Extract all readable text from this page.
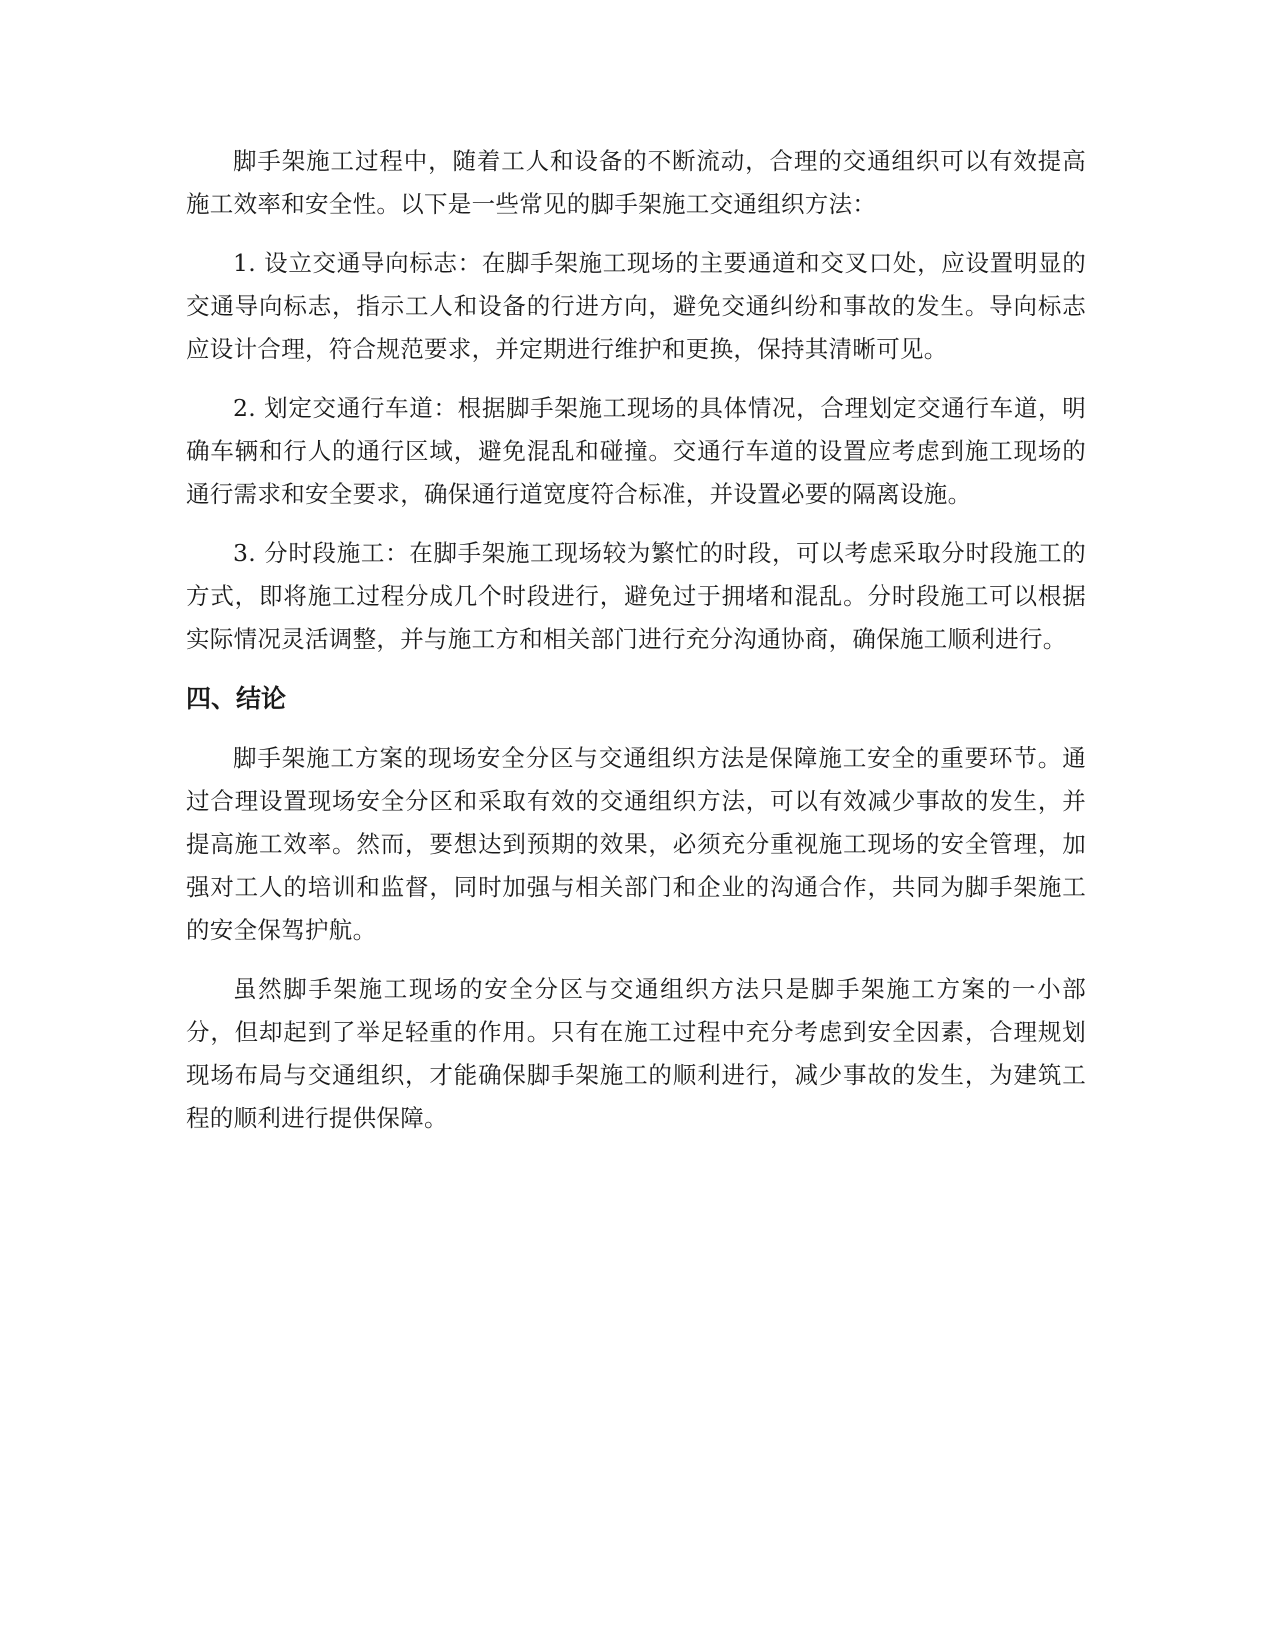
脚手架施工过程中，随着工人和设备的不断流动，合理的交通组织可以有效提高施工效率和安全性。以下是一些常见的脚手架施工交通组织方法：

1. 设立交通导向标志：在脚手架施工现场的主要通道和交叉口处，应设置明显的交通导向标志，指示工人和设备的行进方向，避免交通纠纷和事故的发生。导向标志应设计合理，符合规范要求，并定期进行维护和更换，保持其清晰可见。

2. 划定交通行车道：根据脚手架施工现场的具体情况，合理划定交通行车道，明确车辆和行人的通行区域，避免混乱和碰撞。交通行车道的设置应考虑到施工现场的通行需求和安全要求，确保通行道宽度符合标准，并设置必要的隔离设施。

3. 分时段施工：在脚手架施工现场较为繁忙的时段，可以考虑采取分时段施工的方式，即将施工过程分成几个时段进行，避免过于拥堵和混乱。分时段施工可以根据实际情况灵活调整，并与施工方和相关部门进行充分沟通协商，确保施工顺利进行。

四、结论

脚手架施工方案的现场安全分区与交通组织方法是保障施工安全的重要环节。通过合理设置现场安全分区和采取有效的交通组织方法，可以有效减少事故的发生，并提高施工效率。然而，要想达到预期的效果，必须充分重视施工现场的安全管理，加强对工人的培训和监督，同时加强与相关部门和企业的沟通合作，共同为脚手架施工的安全保驾护航。

虽然脚手架施工现场的安全分区与交通组织方法只是脚手架施工方案的一小部分，但却起到了举足轻重的作用。只有在施工过程中充分考虑到安全因素，合理规划现场布局与交通组织，才能确保脚手架施工的顺利进行，减少事故的发生，为建筑工程的顺利进行提供保障。
